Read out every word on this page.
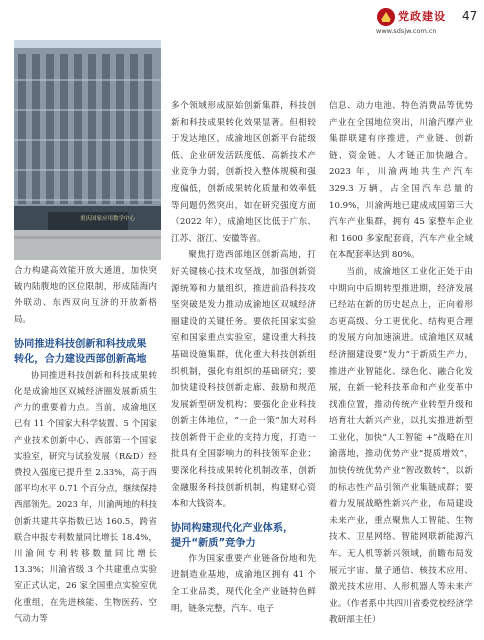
党政建设
www.sdsjw.com.cn
47
重庆国家应用数学中心

合力构建高效能开放大通道，加快突破内陆腹地的区位限制，形成陆海内外联动、东西双向互济的开放新格局。

协同推进科技创新和科技成果
转化，合力建设西部创新高地

协同推进科技创新和科技成果转化是成渝地区双城经济圈发展新质生产力的重要着力点。当前，成渝地区已有 11 个国家大科学装置、5 个国家产业技术创新中心、西部第一个国家实验室，研究与试验发展（R&D）经费投入强度已提升至 2.33%，高于西部平均水平 0.71 个百分点，继续保持西部领先。2023 年，川渝两地的科技创新共建共享指数已达 160.5，跨省联合申报专利数量同比增长 18.4%，川渝间专利转移数量同比增长 13.3%；川渝省级 3 个共建重点实验室正式认定，26 家全国重点实验室优化重组，在先进核能、生物医药、空气动力等

多个领域形成原始创新集群，科技创新和科技成果转化效果显著。但相较于发达地区，成渝地区创新平台能级低、企业研发活跃度低、高新技术产业竞争力弱，创新投入整体规模和强度偏低，创新成果转化质量和效率低等问题仍然突出，如在研究强度方面（2022 年），成渝地区比低于广东、江苏、浙江、安徽等省。

聚焦打造西部地区创新高地，打好关键核心技术攻坚战，加强创新资源统筹和力量组织，推进前沿科技攻坚突破是发力推动成渝地区双城经济圈建设的关键任务。要依托国家实验室和国家重点实验室，建设重大科技基础设施集群，优化重大科技创新组织机制，强化有组织的基础研究；要加快建设科技创新走廊、鼓励和规范发展新型研发机构；要强化企业科技创新主体地位，“一企一策”加大对科技创新骨干企业的支持力度，打造一批具有全国影响力的科技领军企业；要深化科技成果转化机制改革，创新金融服务科技创新机制，构建财心资本和大钱资本。

协同构建现代化产业体系，
提升“新质”竞争力

作为国家重要产业链备份地和先进制造业基地，成渝地区拥有 41 个全工业品类，现代化全产业链特色鲜明，链条完整，汽车、电子

信息、动力电池、特色消费品等优势产业在全国地位突出，川渝汽摩产业集群联建有序推进，产业链、创新链、资金链、人才链正加快融合。2023 年，川渝两地共生产汽车 329.3 万辆，占全国汽车总量的 10.9%，川渝两地已建成成国第三大汽车产业集群，拥有 45 家整车企业和 1600 多家配套商，汽车产业全域在本配套率达到 80%。

当前，成渝地区工业化正处于由中期向中后期转型推进期，经济发展已经站在新的历史起点上，正向着形态更高级、分工更优化、结构更合理的发展方向加速演进。成渝地区双城经济圈建设要“发力”于新质生产力，推进产业智能化、绿色化、融合化发展，在新一轮科技革命和产业变革中找准位置，推动传统产业转型升级和培育壮大新兴产业，以扎实推进新型工业化，加快“人工智能 +”战略在川渝落地，推动优势产业“提质增效”，加快传统优势产业“智改数转”，以新的标志性产品引领产业集链成群；要着力发展战略性新兴产业，布局建设未来产业，重点聚焦人工智能、生物技术、卫星网络、智能网联新能源汽车、无人机等新兴领域，前瞻布局发展元宇宙、量子通信、核技术应用、激光技术应用、人形机器人等未来产业。（作者系中共四川省委党校经济学教研部主任）
